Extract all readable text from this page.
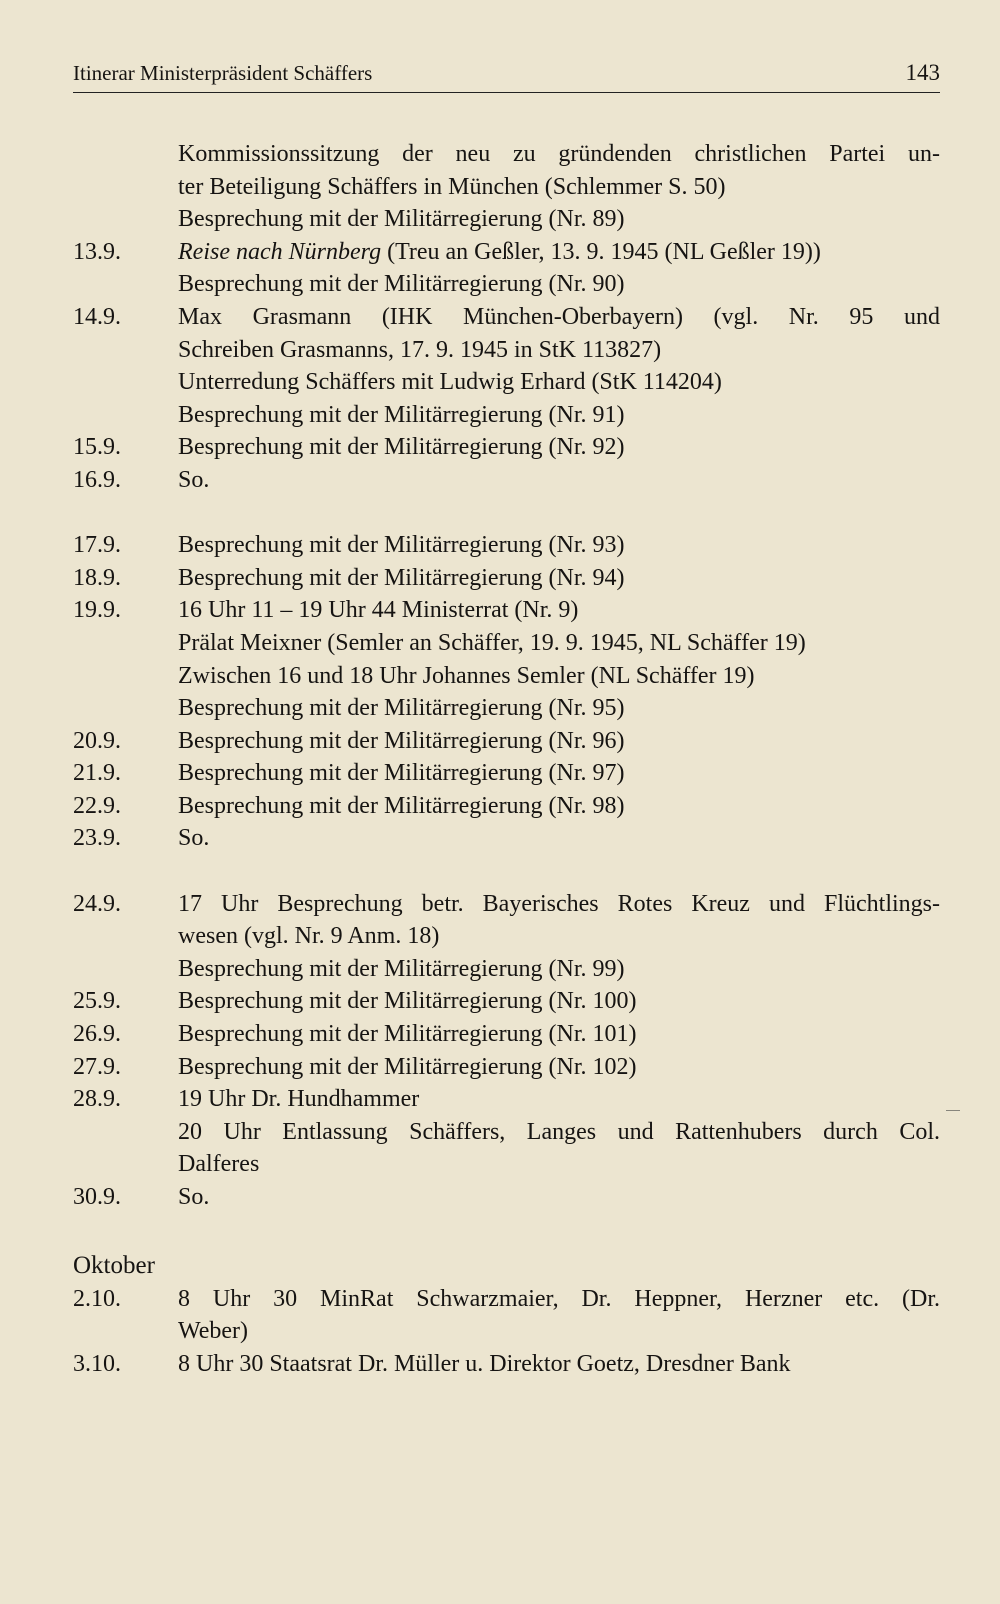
Itinerar Ministerpräsident Schäffers	143
Kommissionssitzung der neu zu gründenden christlichen Partei un-
ter Beteiligung Schäffers in München (Schlemmer S. 50)
Besprechung mit der Militärregierung (Nr. 89)
13.9.	Reise nach Nürnberg (Treu an Geßler, 13. 9. 1945 (NL Geßler 19))
Besprechung mit der Militärregierung (Nr. 90)
14.9.	Max Grasmann (IHK München-Oberbayern) (vgl. Nr. 95 und
Schreiben Grasmanns, 17. 9. 1945 in StK 113827)
Unterredung Schäffers mit Ludwig Erhard (StK 114204)
Besprechung mit der Militärregierung (Nr. 91)
15.9.	Besprechung mit der Militärregierung (Nr. 92)
16.9.	So.
17.9.	Besprechung mit der Militärregierung (Nr. 93)
18.9.	Besprechung mit der Militärregierung (Nr. 94)
19.9.	16 Uhr 11 – 19 Uhr 44 Ministerrat (Nr. 9)
Prälat Meixner (Semler an Schäffer, 19. 9. 1945, NL Schäffer 19)
Zwischen 16 und 18 Uhr Johannes Semler (NL Schäffer 19)
Besprechung mit der Militärregierung (Nr. 95)
20.9.	Besprechung mit der Militärregierung (Nr. 96)
21.9.	Besprechung mit der Militärregierung (Nr. 97)
22.9.	Besprechung mit der Militärregierung (Nr. 98)
23.9.	So.
24.9.	17 Uhr Besprechung betr. Bayerisches Rotes Kreuz und Flüchtlings-
wesen (vgl. Nr. 9 Anm. 18)
Besprechung mit der Militärregierung (Nr. 99)
25.9.	Besprechung mit der Militärregierung (Nr. 100)
26.9.	Besprechung mit der Militärregierung (Nr. 101)
27.9.	Besprechung mit der Militärregierung (Nr. 102)
28.9.	19 Uhr Dr. Hundhammer
20 Uhr Entlassung Schäffers, Langes und Rattenhubers durch Col.
Dalferes
30.9.	So.
Oktober
2.10.	8 Uhr 30 MinRat Schwarzmaier, Dr. Heppner, Herzner etc. (Dr.
Weber)
3.10.	8 Uhr 30 Staatsrat Dr. Müller u. Direktor Goetz, Dresdner Bank
